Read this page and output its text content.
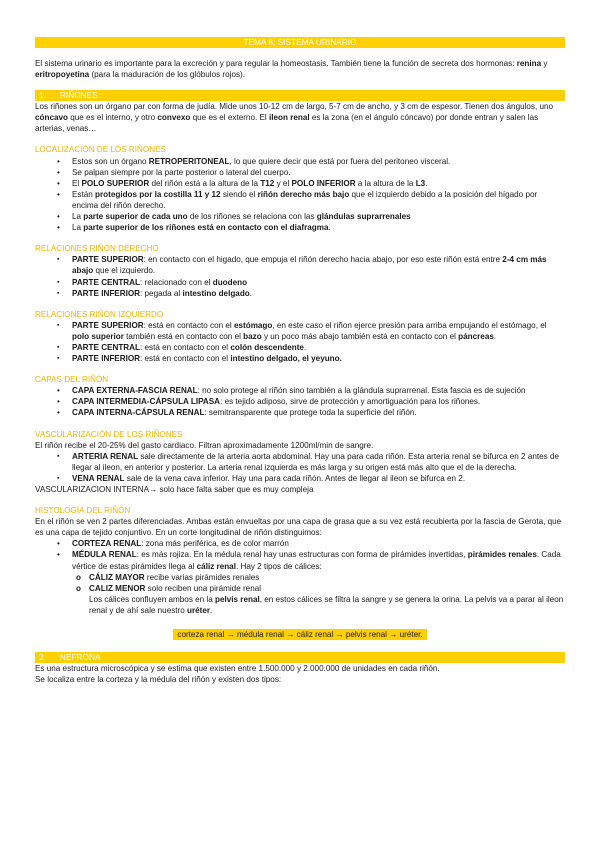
TEMA 8: SISTEMA URINARIO

El sistema urinario es importante para la excreción y para regular la homeostasis. También tiene la función de secreta dos hormonas: renina y eritropoyetina (para la maduración de los glóbulos rojos).

1. RIÑONES

Los riñones son un órgano par con forma de judía. Mide unos 10-12 cm de largo, 5-7 cm de ancho, y 3 cm de espesor. Tienen dos ángulos, uno cóncavo que es el interno, y otro convexo que es el externo. El ileon renal es la zona (en el ángulo cóncavo) por donde entran y salen las arterias, venas…

LOCALIZACIÓN DE LOS RIÑONES
• Estos son un órgano RETROPERITONEAL, lo que quiere decir que está por fuera del peritoneo visceral.
• Se palpan siempre por la parte posterior o lateral del cuerpo.
• El POLO SUPERIOR del riñón está a la altura de la T12 y el POLO INFERIOR a la altura de la L3.
• Están protegidos por la costilla 11 y 12 siendo el riñón derecho más bajo que el izquierdo debido a la posición del hígado por encima del riñón derecho.
• La parte superior de cada uno de los riñones se relaciona con las glándulas suprarrenales
• La parte superior de los riñones está en contacto con el diafragma.
RELACIONES RIÑÓN DERECHO
▪ PARTE SUPERIOR: en contacto con el higado, que empuja el riñón derecho hacia abajo, por eso este riñón está entre 2-4 cm más abajo que el izquierdo.
▪ PARTE CENTRAL: relacionado con el duodeno
▪ PARTE INFERIOR: pegada al intestino delgado.
RELACIONES RIÑÓN IZQUIERDO
▪ PARTE SUPERIOR: está en contacto con el estómago, en este caso el riñon ejerce presión para arriba empujando el estómago, el polo superior también está en contacto con el bazo y un poco más abajo también está en contacto con el páncreas.
▪ PARTE CENTRAL: está en contacto con el colón descendente.
▪ PARTE INFERIOR: está en contacto con el intestino delgado, el yeyuno.
CAPAS DEL RIÑÓN
• CAPA EXTERNA-FASCIA RENAL: no solo protege al riñón sino también a la glándula suprarrenal. Esta fascia es de sujeción
• CAPA INTERMEDIA-CÁPSULA LIPASA: es tejido adiposo, sirve de protección y amortiguación para los riñones.
• CAPA INTERNA-CÁPSULA RENAL: semitransparente que protege toda la superficie del riñón.
VASCULARIZACIÓN DE LOS RIÑONES

El riñón recibe el 20-25% del gasto cardiaco. Filtran aproximadamente 1200ml/min de sangre.

▪ ARTERIA RENAL sale directamente de la arteria aorta abdominal. Hay una para cada riñón. Esta arteria renal se bifurca en 2 antes de llegar al ileon, en anterior y posterior. La arteria renal izquierda es más larga y su origen está más alto que el de la derecha.
▪ VENA RENAL sale de la vena cava inferior. Hay una para cada riñón. Antes de llegar al ileon se bifurca en 2.

VASCULARIZACION INTERNA→ solo hace falta saber que es muy compleja

HISTOLOGÍA DEL RIÑÓN

En el riñón se ven 2 partes diferenciadas. Ambas están envueltas por una capa de grasa que a su vez está recubierta por la fascia de Gerota, que es una capa de tejido conjuntivo. En un corte longitudinal de riñón distinguimos:

• CORTEZA RENAL: zona más periférica, es de color marrón
• MÉDULA RENAL: es más rojiza. En la médula renal hay unas estructuras con forma de pirámides invertidas, pirámides renales. Cada vértice de estas pirámides llega al cáliz renal. Hay 2 tipos de cálices:
o CÁLIZ MAYOR recibe varias pirámides renales
o CALIZ MENOR solo reciben una pirámide renal

Los cálices confluyen ambos en la pelvis renal, en estos cálices se filtra la sangre y se genera la orina. La pelvis va a parar al ileon renal y de ahí sale nuestro uréter.

corteza renal → médula renal → cáliz renal → pelvis renal → uréter.
2. NEFRONA

Es una estructura microscópica y se estima que existen entre 1.500.000 y 2.000.000 de unidades en cada riñón.

Se localiza entre la corteza y la médula del riñón y existen dos tipos:
